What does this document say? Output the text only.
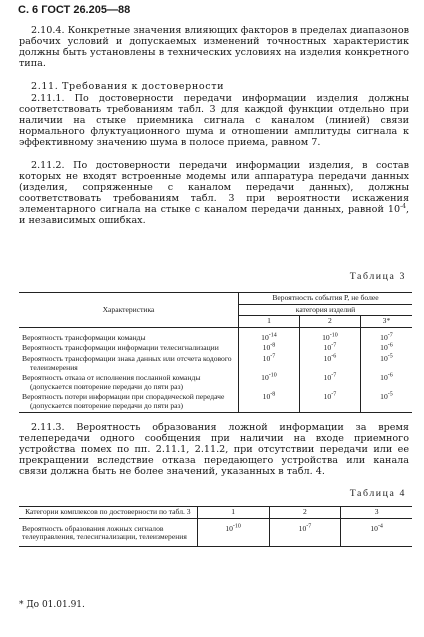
С. 6 ГОСТ 26.205—88

2.10.4. Конкретные значения влияющих факторов в пределах диапазонов рабочих условий и допускаемых изменений точностных характеристик должны быть установлены в технических условиях на изделия конкретного типа.

2.11. Требования к достоверности

2.11.1. По достоверности передачи информации изделия должны соответствовать требованиям табл. 3 для каждой функции отдельно при наличии на стыке приемника сигнала с каналом (линией) связи нормального флуктуационного шума и отношении амплитуды сигнала к эффективному значению шума в полосе приема, равном 7.

2.11.2. По достоверности передачи информации изделия, в состав которых не входят встроенные модемы или аппаратура передачи данных (изделия, сопряженные с каналом передачи данных), должны соответствовать требованиям табл. 3 при вероятности искажения элементарного сигнала на стыке с каналом передачи данных, равной $10^{-4}$, и независимых ошибках.

Таблица 3
Характеристика	Вероятность события P, не более		
	категория изделий		
	1	2	3*
Вероятность трансформации команды	$10^{-14}$	$10^{-10}$	$10^{-7}$
Вероятность трансформации информации телесигнализации	$10^{-8}$	$10^{-7}$	$10^{-6}$
Вероятность трансформации знака данных или отсчета кодового телеизмерения	$10^{-7}$	$10^{-6}$	$10^{-5}$
Вероятность отказа от исполнения посланной команды (допускается повторение передачи до пяти раз)	$10^{-10}$	$10^{-7}$	$10^{-6}$
Вероятность потери информации при спорадической передаче (допускается повторение передачи до пяти раз)	$10^{-8}$	$10^{-7}$	$10^{-5}$

2.11.3. Вероятность образования ложной информации за время телепередачи одного сообщения при наличии на входе приемного устройства помех по пп. 2.11.1, 2.11.2, при отсутствии передачи или ее прекращении вследствие отказа передающего устройства или канала связи должна быть не более значений, указанных в табл. 4.

Таблица 4
Категории комплексов по достоверности по табл. 3	1	2	3
Вероятность образования ложных сигналов телеуправления, телесигнализации, телеизмерения	$10^{-10}$	$10^{-7}$	$10^{-4}$
* До 01.01.91.
